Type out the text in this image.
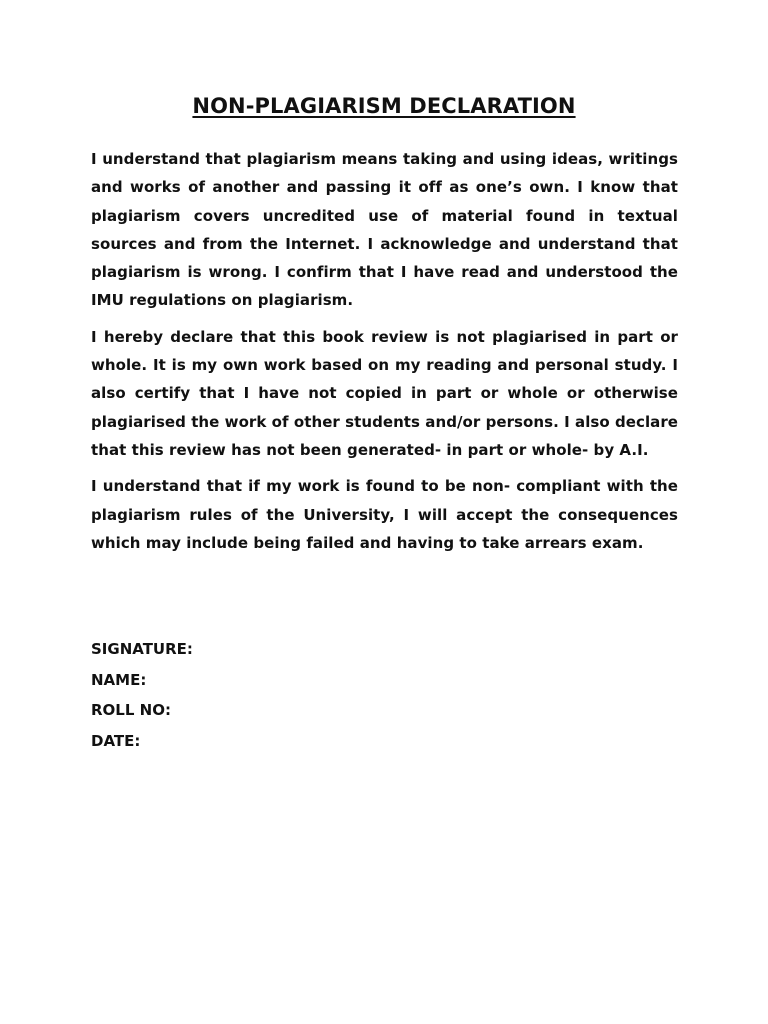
NON-PLAGIARISM DECLARATION

I understand that plagiarism means taking and using ideas, writings and works of another and passing it off as one’s own. I know that plagiarism covers uncredited use of material found in textual sources and from the Internet. I acknowledge and understand that plagiarism is wrong. I confirm that I have read and understood the IMU regulations on plagiarism.

I hereby declare that this book review is not plagiarised in part or whole. It is my own work based on my reading and personal study. I also certify that I have not copied in part or whole or otherwise plagiarised the work of other students and/or persons. I also declare that this review has not been generated- in part or whole- by A.I.

I understand that if my work is found to be non- compliant with the plagiarism rules of the University, I will accept the consequences which may include being failed and having to take arrears exam.

SIGNATURE:

NAME:

ROLL NO:

DATE:
